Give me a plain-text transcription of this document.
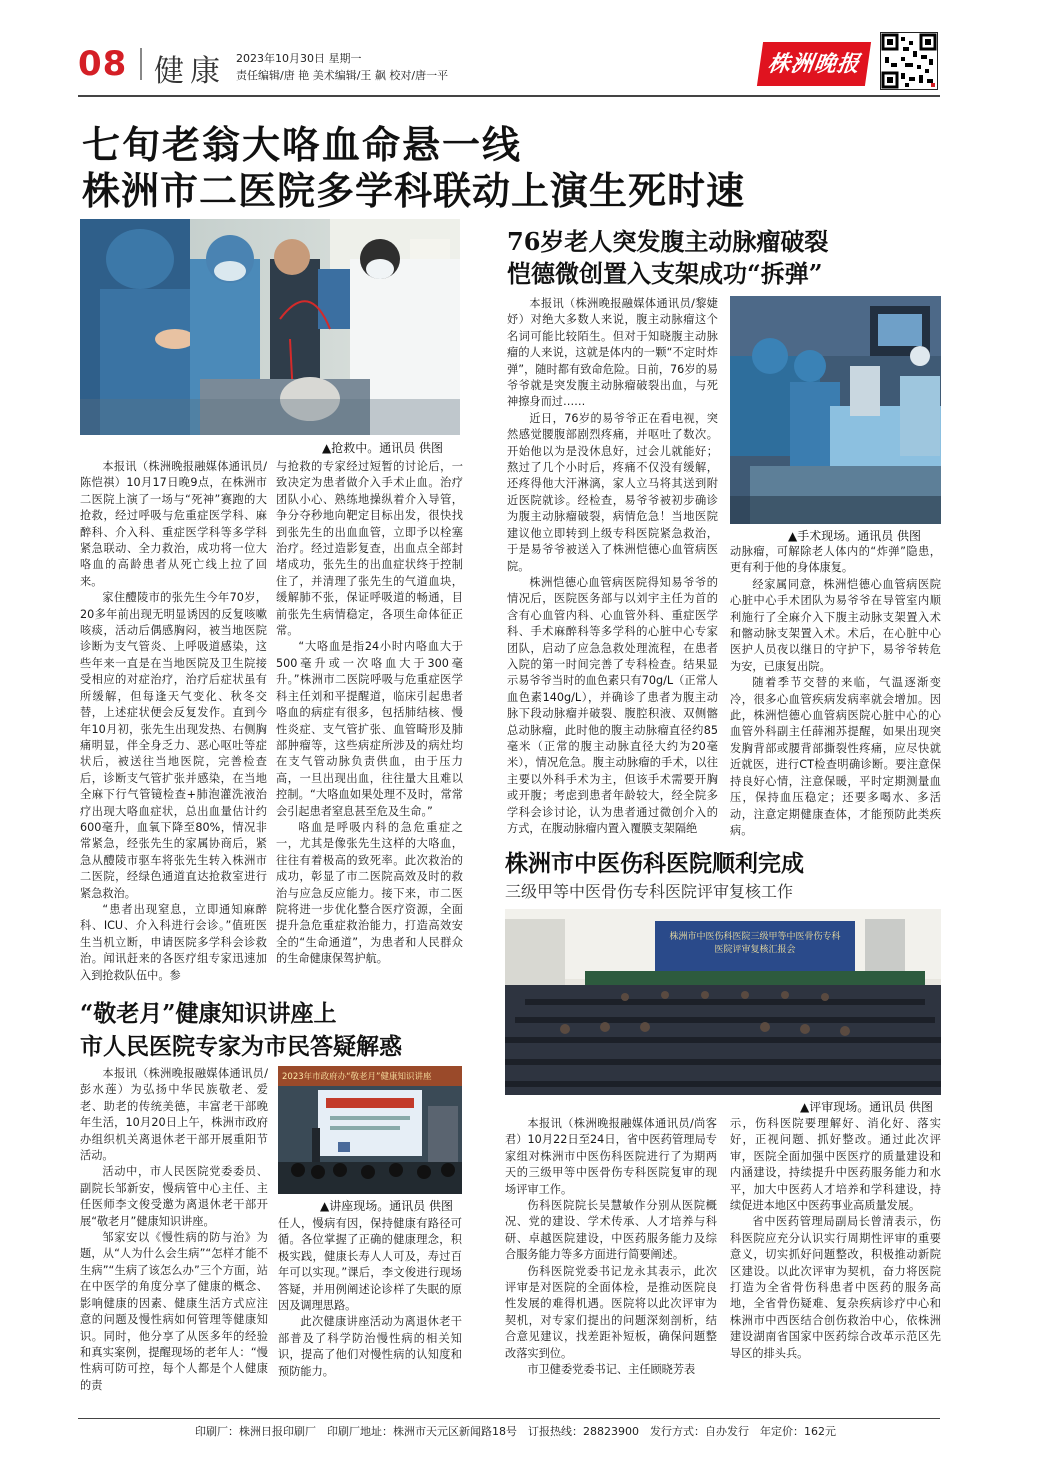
08 健康 2023年10月30日 星期一
责任编辑/唐 艳 美术编辑/王 飙 校对/唐一平	株洲晚报
七旬老翁大咯血命悬一线
株洲市二医院多学科联动上演生死时速
▲抢救中。通讯员 供图

本报讯（株洲晚报融媒体通讯员/陈恺祺）10月17日晚9点，在株洲市二医院上演了一场与“死神”赛跑的大抢救，经过呼吸与危重症医学科、麻醉科、介入科、重症医学科等多学科紧急联动、全力救治，成功将一位大咯血的高龄患者从死亡线上拉了回来。

家住醴陵市的张先生今年70岁，20多年前出现无明显诱因的反复咳嗽咳痰，活动后偶感胸闷，被当地医院诊断为支气管炎、上呼吸道感染，这些年来一直是在当地医院及卫生院接受相应的对症治疗，治疗后症状虽有所缓解，但每逢天气变化、秋冬交替，上述症状便会反复发作。直到今年10月初，张先生出现发热、右侧胸痛明显，伴全身乏力、恶心呕吐等症状后，被送往当地医院，完善检查后，诊断支气管扩张并感染，在当地全麻下行气管镜检查+肺泡灌洗液治疗出现大咯血症状，总出血量估计约600毫升，血氧下降至80%，情况非常紧急，经张先生的家属协商后，紧急从醴陵市驱车将张先生转入株洲市二医院，经绿色通道直达抢救室进行紧急救治。

“患者出现窒息，立即通知麻醉科、ICU、介入科进行会诊。”值班医生当机立断，申请医院多学科会诊救治。闻讯赶来的各医疗组专家迅速加入到抢救队伍中。参

与抢救的专家经过短暂的讨论后，一致决定为患者做介入手术止血。治疗团队小心、熟练地操纵着介入导管，争分夺秒地向靶定目标出发，很快找到张先生的出血血管，立即予以栓塞治疗。经过造影复查，出血点全部封堵成功，张先生的出血症状终于控制住了，并清理了张先生的气道血块，缓解肺不张，保证呼吸道的畅通，目前张先生病情稳定，各项生命体征正常。

“大咯血是指24小时内咯血大于500毫升或一次咯血大于300毫升。”株洲市二医院呼吸与危重症医学科主任刘和平提醒道，临床引起患者咯血的病症有很多，包括肺结核、慢性炎症、支气管扩张、血管畸形及肺部肿瘤等，这些病症所涉及的病灶均在支气管动脉负责供血，由于压力高，一旦出现出血，往往量大且难以控制。“大咯血如果处理不及时，常常会引起患者窒息甚至危及生命。”

咯血是呼吸内科的急危重症之一，尤其是像张先生这样的大咯血，往往有着极高的致死率。此次救治的成功，彰显了市二医院高效及时的救治与应急反应能力。接下来，市二医院将进一步优化整合医疗资源，全面提升急危重症救治能力，打造高效安全的“生命通道”，为患者和人民群众的生命健康保驾护航。

76岁老人突发腹主动脉瘤破裂
恺德微创置入支架成功“拆弹”

本报讯（株洲晚报融媒体通讯员/黎婕妤）对绝大多数人来说，腹主动脉瘤这个名词可能比较陌生。但对于知晓腹主动脉瘤的人来说，这就是体内的一颗“不定时炸弹”，随时都有致命危险。日前，76岁的易爷爷就是突发腹主动脉瘤破裂出血，与死神擦身而过……

近日，76岁的易爷爷正在看电视，突然感觉腰腹部剧烈疼痛，并呕吐了数次。开始他以为是没休息好，过会儿就能好；熬过了几个小时后，疼痛不仅没有缓解，还疼得他大汗淋漓，家人立马将其送到附近医院就诊。经检查，易爷爷被初步确诊为腹主动脉瘤破裂，病情危急！当地医院建议他立即转到上级专科医院紧急救治，于是易爷爷被送入了株洲恺德心血管病医院。

株洲恺德心血管病医院得知易爷爷的情况后，医院医务部与以刘宇主任为首的含有心血管内科、心血管外科、重症医学科、手术麻醉科等多学科的心脏中心专家团队，启动了应急急救处理流程，在患者入院的第一时间完善了专科检查。结果显示易爷爷当时的血色素只有70g/L（正常人血色素140g/L），并确诊了患者为腹主动脉下段动脉瘤并破裂、腹腔积液、双侧髂总动脉瘤，此时他的腹主动脉瘤直径约85毫米（正常的腹主动脉直径大约为20毫米），情况危急。腹主动脉瘤的手术，以往主要以外科手术为主，但该手术需要开胸或开腹；考虑到患者年龄较大，经全院多学科会诊讨论，认为患者通过微创介入的方式，在腹动脉瘤内置入覆膜支架隔绝

▲手术现场。通讯员 供图

动脉瘤，可解除老人体内的“炸弹”隐患，更有利于他的身体康复。

经家属同意，株洲恺德心血管病医院心脏中心手术团队为易爷爷在导管室内顺利施行了全麻介入下腹主动脉支架置入术和髂动脉支架置入术。术后，在心脏中心医护人员夜以继日的守护下，易爷爷转危为安，已康复出院。

随着季节交替的来临，气温逐渐变冷，很多心血管疾病发病率就会增加。因此，株洲恺德心血管病医院心脏中心的心血管外科副主任薛湘苏提醒，如果出现突发胸背部或腰背部撕裂性疼痛，应尽快就近就医，进行CT检查明确诊断。要注意保持良好心情，注意保暖，平时定期测量血压，保持血压稳定；还要多喝水、多活动，注意定期健康查体，才能预防此类疾病。

株洲市中医伤科医院顺利完成
三级甲等中医骨伤专科医院评审复核工作
株洲市中医伤科医院三级甲等中医骨伤专科医院评审复核汇报会
▲评审现场。通讯员 供图

本报讯（株洲晚报融媒体通讯员/尚客君）10月22日至24日，省中医药管理局专家组对株洲市中医伤科医院进行了为期两天的三级甲等中医骨伤专科医院复审的现场评审工作。

伤科医院院长吴慧敏作分别从医院概况、党的建设、学术传承、人才培养与科研、卓越医院建设，中医药服务能力及综合服务能力等多方面进行简要阐述。

伤科医院党委书记龙永其表示，此次评审是对医院的全面体检，是推动医院良性发展的难得机遇。医院将以此次评审为契机，对专家们提出的问题深刻剖析，结合意见建议，找差距补短板，确保问题整改落实到位。

市卫健委党委书记、主任顾晓芳表

示，伤科医院要理解好、消化好、落实好，正视问题、抓好整改。通过此次评审，医院全面加强中医医疗的质量建设和内涵建设，持续提升中医药服务能力和水平，加大中医药人才培养和学科建设，持续促进本地区中医药事业高质量发展。

省中医药管理局副局长曾清表示，伤科医院应充分认识实行周期性评审的重要意义，切实抓好问题整改，积极推动新院区建设。以此次评审为契机，奋力将医院打造为全省骨伤科患者中医药的服务高地，全省骨伤疑难、复杂疾病诊疗中心和株洲市中西医结合创伤救治中心，依株洲建设湖南省国家中医药综合改革示范区先导区的排头兵。

“敬老月”健康知识讲座上
市人民医院专家为市民答疑解惑

本报讯（株洲晚报融媒体通讯员/彭水莲）为弘扬中华民族敬老、爱老、助老的传统美德，丰富老干部晚年生活，10月20日上午，株洲市政府办组织机关离退休老干部开展重阳节活动。

活动中，市人民医院党委委员、副院长邹新安，慢病管中心主任、主任医师李文俊受邀为离退休老干部开展“敬老月”健康知识讲座。

邹家安以《慢性病的防与治》为题，从“人为什么会生病”“怎样才能不生病”“生病了该怎么办”三个方面，站在中医学的角度分享了健康的概念、影响健康的因素、健康生活方式应注意的问题及慢性病如何管理等健康知识。同时，他分享了从医多年的经验和真实案例，提醒现场的老年人：“慢性病可防可控，每个人都是个人健康的责

2023年市政府办“敬老月”健康知识讲座
▲讲座现场。通讯员 供图

任人，慢病有因，保持健康有路径可循。各位掌握了正确的健康理念，积极实践，健康长寿人人可及，寿过百年可以实现。”课后，李文俊进行现场答疑，并用例阐述论诊样了失眠的原因及调理思路。

此次健康讲座活动为离退休老干部普及了科学防治慢性病的相关知识，提高了他们对慢性病的认知度和预防能力。

印刷厂：株洲日报印刷厂　印刷厂地址：株洲市天元区新闻路18号　订报热线：28823900　发行方式：自办发行　年定价：162元
